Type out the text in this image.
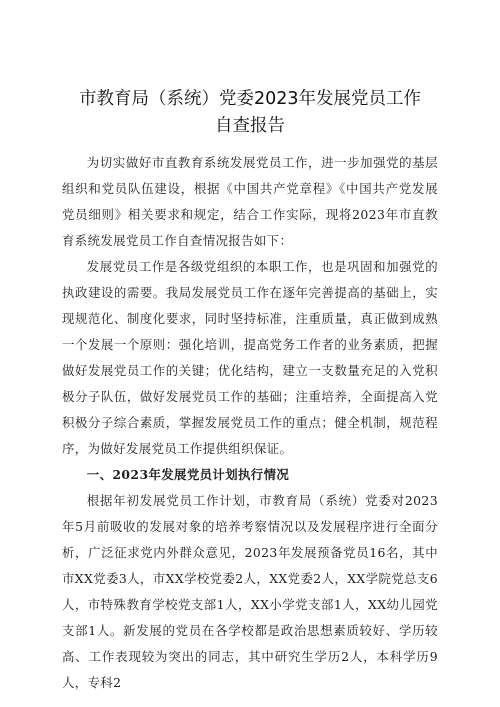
市教育局（系统）党委2023年发展党员工作
自查报告

为切实做好市直教育系统发展党员工作，进一步加强党的基层组织和党员队伍建设，根据《中国共产党章程》《中国共产党发展党员细则》相关要求和规定，结合工作实际，现将2023年市直教育系统发展党员工作自查情况报告如下：

发展党员工作是各级党组织的本职工作，也是巩固和加强党的执政建设的需要。我局发展党员工作在逐年完善提高的基础上，实现规范化、制度化要求，同时坚持标准，注重质量，真正做到成熟一个发展一个原则：强化培训，提高党务工作者的业务素质，把握做好发展党员工作的关键；优化结构，建立一支数量充足的入党积极分子队伍，做好发展党员工作的基础；注重培养，全面提高入党积极分子综合素质，掌握发展党员工作的重点；健全机制，规范程序，为做好发展党员工作提供组织保证。

一、2023年发展党员计划执行情况

根据年初发展党员工作计划，市教育局（系统）党委对2023年5月前吸收的发展对象的培养考察情况以及发展程序进行全面分析，广泛征求党内外群众意见，2023年发展预备党员16名，其中市XX党委3人，市XX学校党委2人，XX党委2人，XX学院党总支6人，市特殊教育学校党支部1人，XX小学党支部1人，XX幼儿园党支部1人。新发展的党员在各学校都是政治思想素质较好、学历较高、工作表现较为突出的同志，其中研究生学历2人，本科学历9人，专科2
